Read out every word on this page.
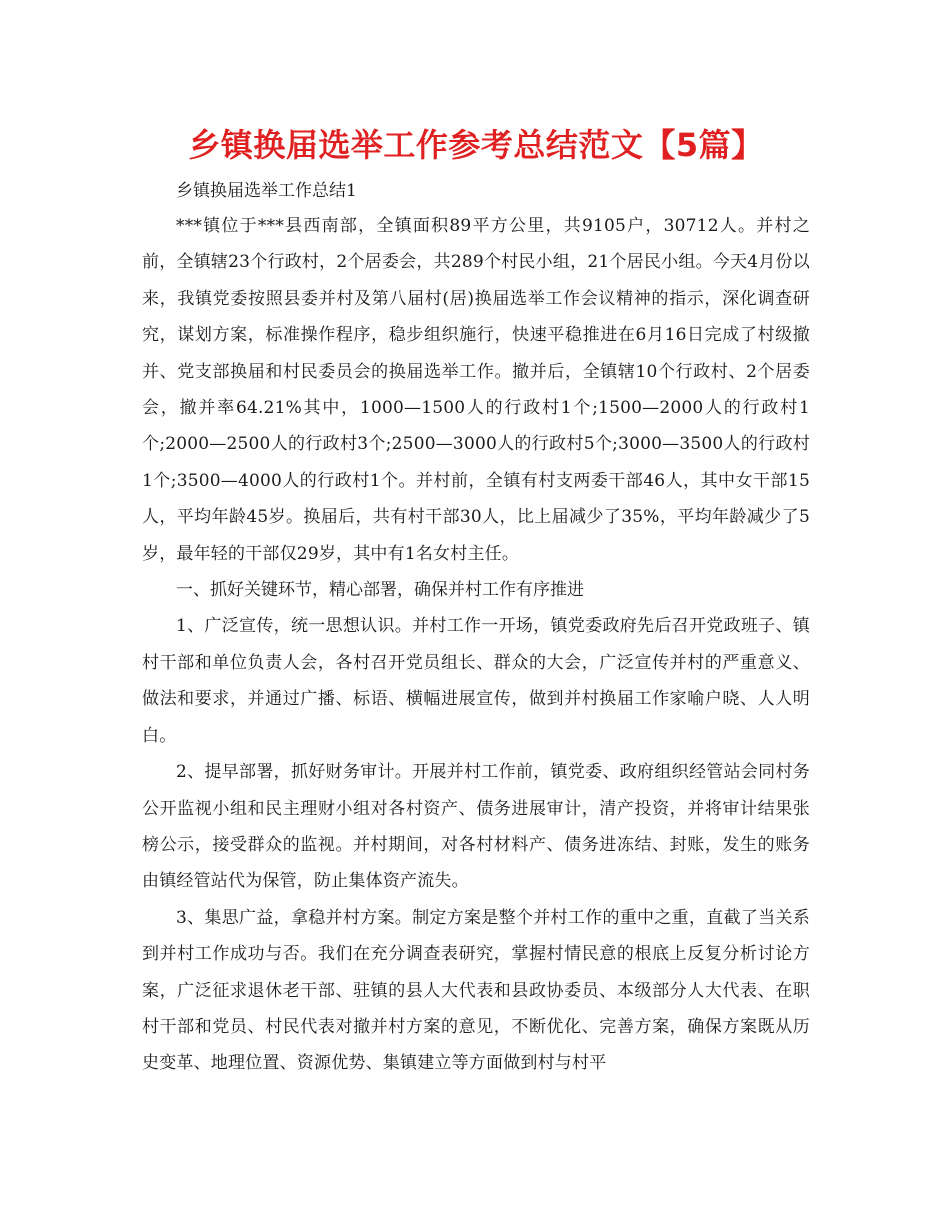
乡镇换届选举工作参考总结范文【5篇】

乡镇换届选举工作总结1

***镇位于***县西南部，全镇面积89平方公里，共9105户，30712人。并村之前，全镇辖23个行政村，2个居委会，共289个村民小组，21个居民小组。今天4月份以来，我镇党委按照县委并村及第八届村(居)换届选举工作会议精神的指示，深化调查研究，谋划方案，标准操作程序，稳步组织施行，快速平稳推进在6月16日完成了村级撤并、党支部换届和村民委员会的换届选举工作。撤并后，全镇辖10个行政村、2个居委会，撤并率64.21%其中，1000—1500人的行政村1个;1500—2000人的行政村1个;2000—2500人的行政村3个;2500—3000人的行政村5个;3000—3500人的行政村1个;3500—4000人的行政村1个。并村前，全镇有村支两委干部46人，其中女干部15人，平均年龄45岁。换届后，共有村干部30人，比上届减少了35%，平均年龄减少了5岁，最年轻的干部仅29岁，其中有1名女村主任。

一、抓好关键环节，精心部署，确保并村工作有序推进

1、广泛宣传，统一思想认识。并村工作一开场，镇党委政府先后召开党政班子、镇村干部和单位负责人会，各村召开党员组长、群众的大会，广泛宣传并村的严重意义、做法和要求，并通过广播、标语、横幅进展宣传，做到并村换届工作家喻户晓、人人明白。

2、提早部署，抓好财务审计。开展并村工作前，镇党委、政府组织经管站会同村务公开监视小组和民主理财小组对各村资产、债务进展审计，清产投资，并将审计结果张榜公示，接受群众的监视。并村期间，对各村材料产、债务进冻结、封账，发生的账务由镇经管站代为保管，防止集体资产流失。

3、集思广益，拿稳并村方案。制定方案是整个并村工作的重中之重，直截了当关系到并村工作成功与否。我们在充分调查表研究，掌握村情民意的根底上反复分析讨论方案，广泛征求退休老干部、驻镇的县人大代表和县政协委员、本级部分人大代表、在职村干部和党员、村民代表对撤并村方案的意见，不断优化、完善方案，确保方案既从历史变革、地理位置、资源优势、集镇建立等方面做到村与村平
